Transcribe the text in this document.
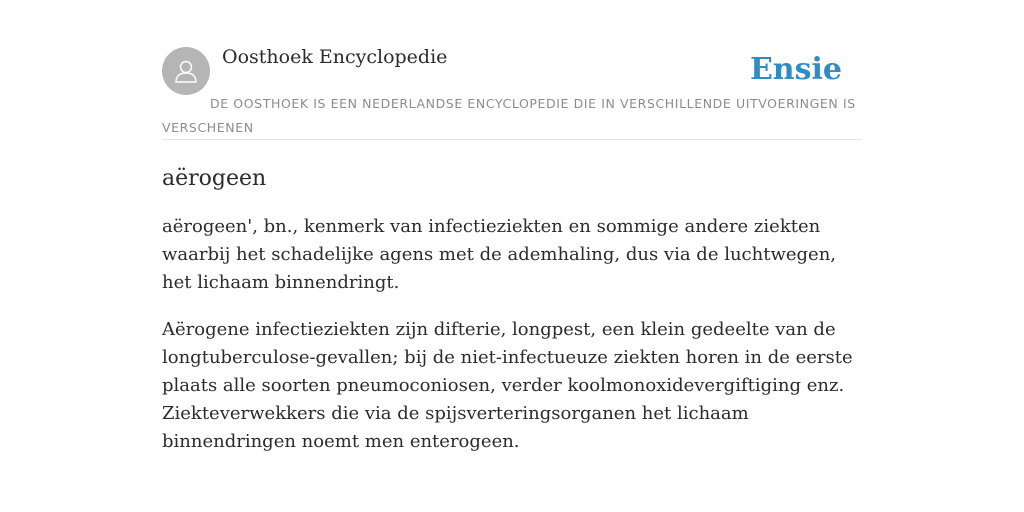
Oosthoek Encyclopedie	Ensie
DE OOSTHOEK IS EEN NEDERLANDSE ENCYCLOPEDIE DIE IN VERSCHILLENDE UITVOERINGEN IS VERSCHENEN
aërogeen

aërogeen', bn., kenmerk van infectieziekten en sommige andere ziekten waarbij het schadelijke agens met de ademhaling, dus via de luchtwegen, het lichaam binnendringt.

Aërogene infectieziekten zijn difterie, longpest, een klein gedeelte van de longtuberculose-gevallen; bij de niet-infectueuze ziekten horen in de eerste plaats alle soorten pneumoconiosen, verder koolmonoxidevergiftiging enz. Ziekteverwekkers die via de spijsverteringsorganen het lichaam binnendringen noemt men enterogeen.
